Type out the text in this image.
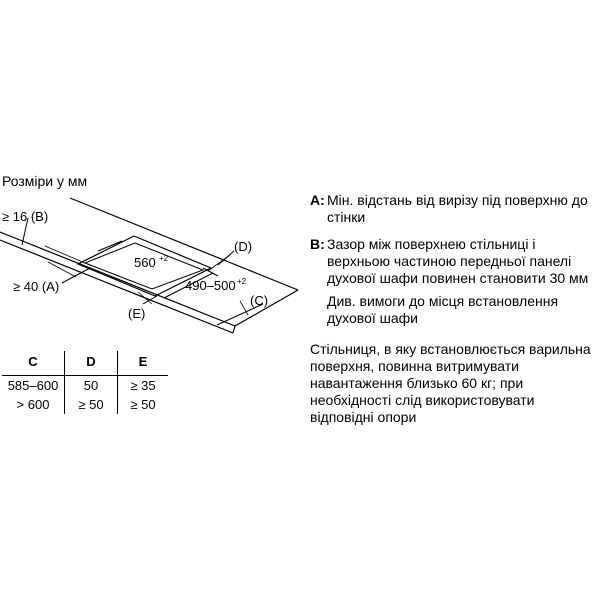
Розміри у мм
≥ 16 (B)
≥ 40 (A)
(D)
(E)
(C)
560 +2
490–500 +2
C	D	E
585–600	50	≥ 35
> 600	≥ 50	≥ 50
A: Мін. відстань від вирізу під поверхню до стінки
B: Зазор між поверхнею стільниці і верхньою частиною передньої панелі духової шафи повинен становити 30 мм
Див. вимоги до місця встановлення духової шафи
Стільниця, в яку встановлюється варильна поверхня, повинна витримувати навантаження близько 60 кг; при необхідності слід використовувати відповідні опори
